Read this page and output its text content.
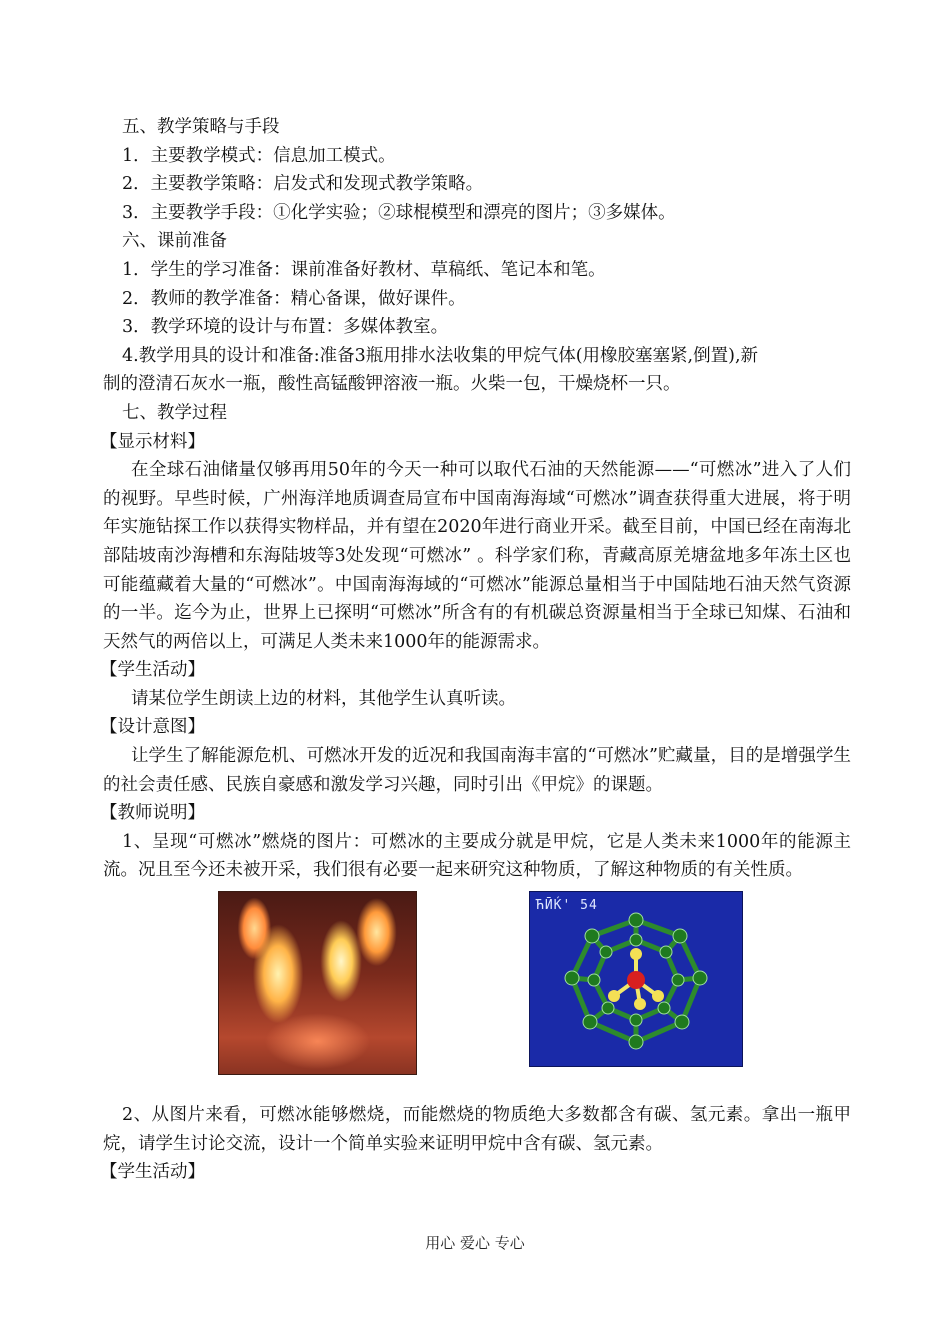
五、教学策略与手段
1．主要教学模式：信息加工模式。
2．主要教学策略：启发式和发现式教学策略。
3．主要教学手段：①化学实验；②球棍模型和漂亮的图片；③多媒体。
六、课前准备
1．学生的学习准备：课前准备好教材、草稿纸、笔记本和笔。
2．教师的教学准备：精心备课，做好课件。
3．教学环境的设计与布置：多媒体教室。
4.教学用具的设计和准备:准备3瓶用排水法收集的甲烷气体(用橡胶塞塞紧,倒置),新
制的澄清石灰水一瓶，酸性高锰酸钾溶液一瓶。火柴一包，干燥烧杯一只。
七、教学过程
【显示材料】

在全球石油储量仅够再用50年的今天一种可以取代石油的天然能源——“可燃冰”进入了人们的视野。早些时候，广州海洋地质调查局宣布中国南海海域“可燃冰”调查获得重大进展，将于明年实施钻探工作以获得实物样品，并有望在2020年进行商业开采。截至目前，中国已经在南海北部陆坡南沙海槽和东海陆坡等3处发现“可燃冰” 。科学家们称，青藏高原羌塘盆地多年冻土区也可能蕴藏着大量的“可燃冰”。中国南海海域的“可燃冰”能源总量相当于中国陆地石油天然气资源的一半。迄今为止，世界上已探明“可燃冰”所含有的有机碳总资源量相当于全球已知煤、石油和天然气的两倍以上，可满足人类未来1000年的能源需求。

【学生活动】

请某位学生朗读上边的材料，其他学生认真听读。

【设计意图】

让学生了解能源危机、可燃冰开发的近况和我国南海丰富的“可燃冰”贮藏量，目的是增强学生的社会责任感、民族自豪感和激发学习兴趣，同时引出《甲烷》的课题。

【教师说明】

1、呈现“可燃冰”燃烧的图片：可燃冰的主要成分就是甲烷，它是人类未来1000年的能源主流。况且至今还未被开采，我们很有必要一起来研究这种物质，了解这种物质的有关性质。

ЋӢЌ' 54

2、从图片来看，可燃冰能够燃烧，而能燃烧的物质绝大多数都含有碳、氢元素。拿出一瓶甲烷，请学生讨论交流，设计一个简单实验来证明甲烷中含有碳、氢元素。

【学生活动】
用心 爱心 专心
